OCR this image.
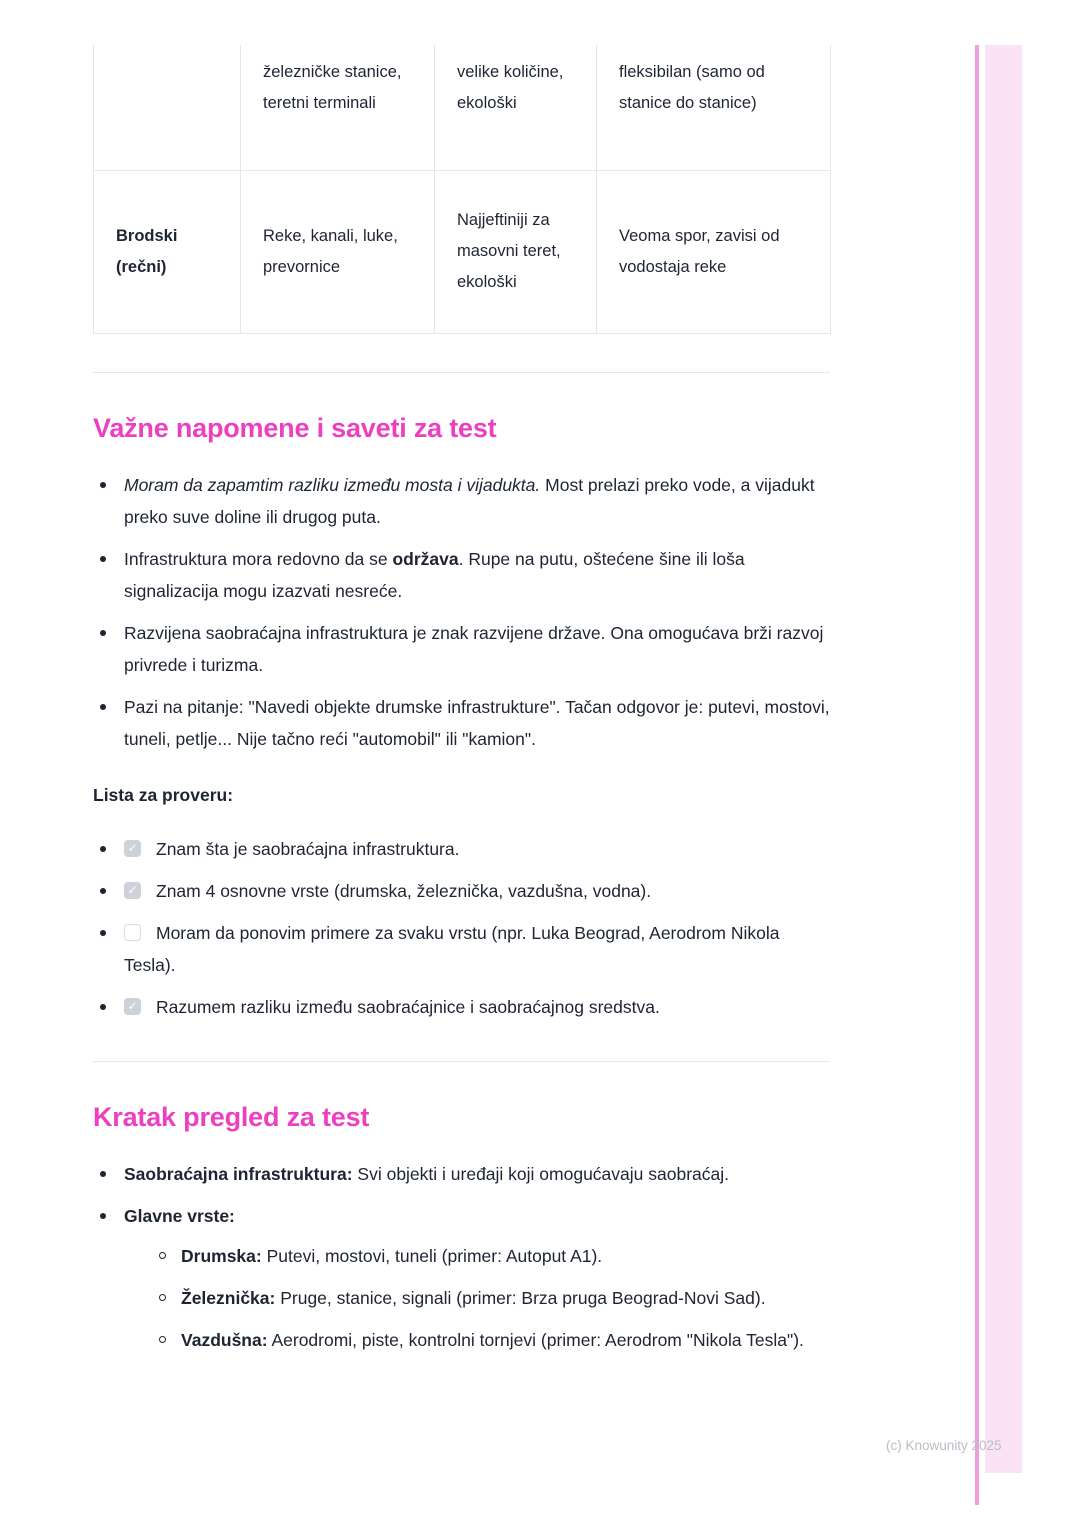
	železničke stanice, teretni terminali	velike količine, ekološki	fleksibilan (samo od stanice do stanice)
Brodski (rečni)	Reke, kanali, luke, prevornice	Najjeftiniji za masovni teret, ekološki	Veoma spor, zavisi od vodostaja reke
Važne napomene i saveti za test
Moram da zapamtim razliku između mosta i vijadukta. Most prelazi preko vode, a vijadukt preko suve doline ili drugog puta.
Infrastruktura mora redovno da se održava. Rupe na putu, oštećene šine ili loša signalizacija mogu izazvati nesreće.
Razvijena saobraćajna infrastruktura je znak razvijene države. Ona omogućava brži razvoj privrede i turizma.
Pazi na pitanje: "Navedi objekte drumske infrastrukture". Tačan odgovor je: putevi, mostovi, tuneli, petlje... Nije tačno reći "automobil" ili "kamion".
Lista za proveru:
✓Znam šta je saobraćajna infrastruktura.
✓Znam 4 osnovne vrste (drumska, železnička, vazdušna, vodna).
Moram da ponovim primere za svaku vrstu (npr. Luka Beograd, Aerodrom Nikola Tesla).
✓Razumem razliku između saobraćajnice i saobraćajnog sredstva.
Kratak pregled za test
Saobraćajna infrastruktura: Svi objekti i uređaji koji omogućavaju saobraćaj.
Glavne vrste:
Drumska: Putevi, mostovi, tuneli (primer: Autoput A1).
Železnička: Pruge, stanice, signali (primer: Brza pruga Beograd-Novi Sad).
Vazdušna: Aerodromi, piste, kontrolni tornjevi (primer: Aerodrom "Nikola Tesla").
(c) Knowunity 2025
